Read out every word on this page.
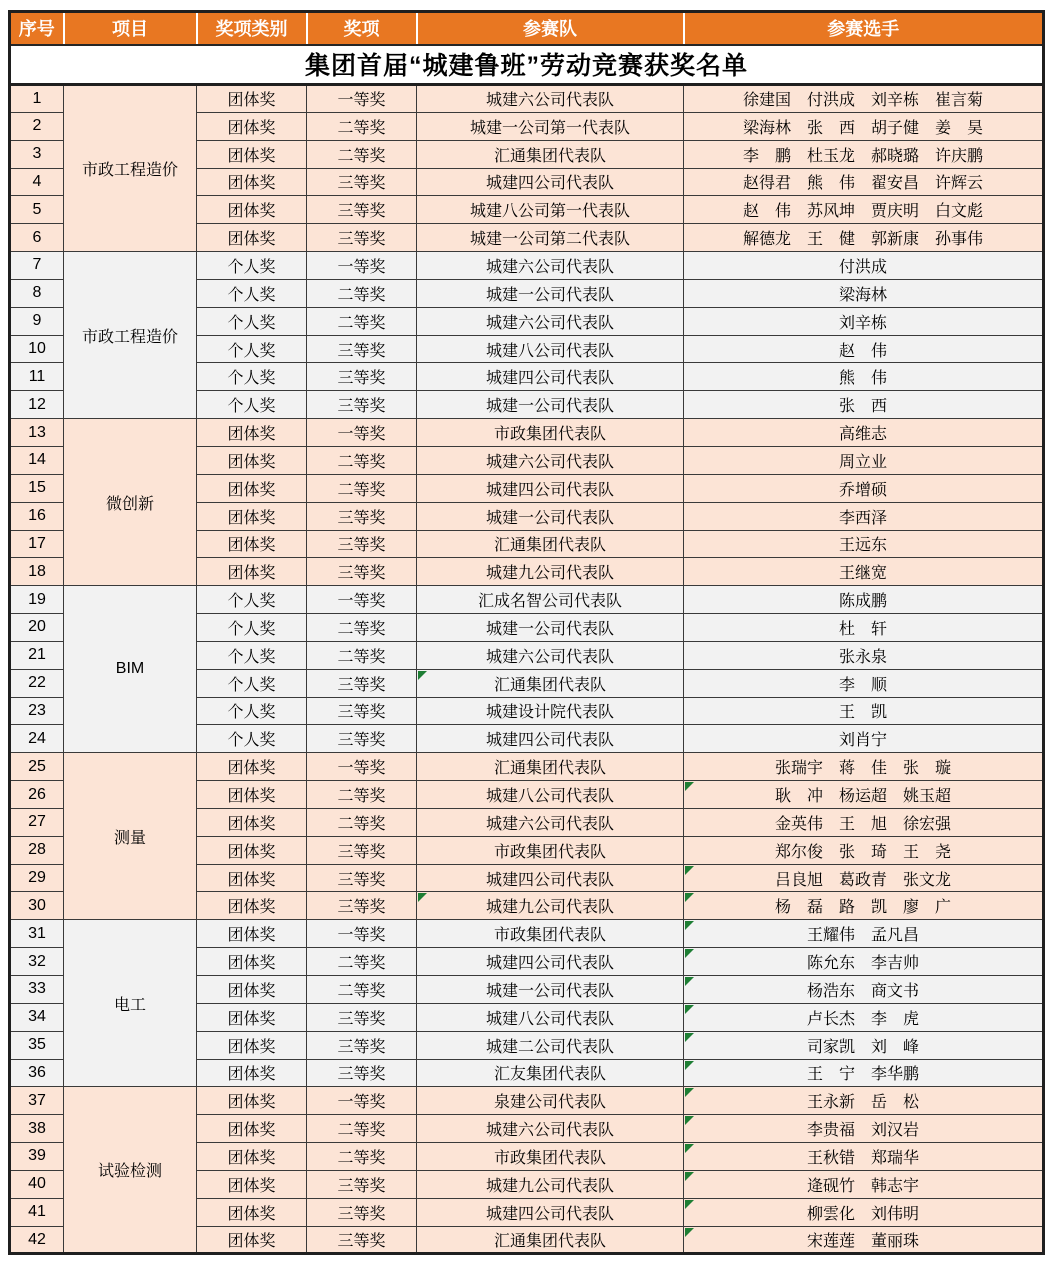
集团首届“城建鲁班”劳动竞赛获奖名单					
序号	项目	奖项类别	奖项	参赛队	参赛选手
1	市政工程造价	团体奖	一等奖	城建六公司代表队	徐建国　付洪成　刘辛栋　崔言菊
2		团体奖	二等奖	城建一公司第一代表队	梁海林　张　西　胡子健　姜　昊
3		团体奖	二等奖	汇通集团代表队	李　鹏　杜玉龙　郝晓璐　许庆鹏
4		团体奖	三等奖	城建四公司代表队	赵得君　熊　伟　翟安昌　许辉云
5		团体奖	三等奖	城建八公司第一代表队	赵　伟　苏风坤　贾庆明　白文彪
6		团体奖	三等奖	城建一公司第二代表队	解德龙　王　健　郭新康　孙事伟
7	市政工程造价	个人奖	一等奖	城建六公司代表队	付洪成
8		个人奖	二等奖	城建一公司代表队	梁海林
9		个人奖	二等奖	城建六公司代表队	刘辛栋
10		个人奖	三等奖	城建八公司代表队	赵　伟
11		个人奖	三等奖	城建四公司代表队	熊　伟
12		个人奖	三等奖	城建一公司代表队	张　西
13	微创新	团体奖	一等奖	市政集团代表队	高维志
14		团体奖	二等奖	城建六公司代表队	周立业
15		团体奖	二等奖	城建四公司代表队	乔增硕
16		团体奖	三等奖	城建一公司代表队	李西泽
17		团体奖	三等奖	汇通集团代表队	王远东
18		团体奖	三等奖	城建九公司代表队	王继宽
19	BIM	个人奖	一等奖	汇成名智公司代表队	陈成鹏
20		个人奖	二等奖	城建一公司代表队	杜　轩
21		个人奖	二等奖	城建六公司代表队	张永泉
22		个人奖	三等奖	汇通集团代表队	李　顺
23		个人奖	三等奖	城建设计院代表队	王　凯
24		个人奖	三等奖	城建四公司代表队	刘肖宁
25	测量	团体奖	一等奖	汇通集团代表队	张瑞宇　蒋　佳　张　璇
26		团体奖	二等奖	城建八公司代表队	耿　冲　杨运超　姚玉超

27		团体奖	二等奖	城建六公司代表队	金英伟　王　旭　徐宏强
28		团体奖	三等奖	市政集团代表队	郑尔俊　张　琦　王　尧
29		团体奖	三等奖	城建四公司代表队	吕良旭　葛政青　张文龙

30		团体奖	三等奖	城建九公司代表队	杨　磊　路　凯　廖　广

31	电工	团体奖	一等奖	市政集团代表队	王耀伟　孟凡昌

32		团体奖	二等奖	城建四公司代表队	陈允东　李吉帅

33		团体奖	二等奖	城建一公司代表队	杨浩东　商文书

34		团体奖	三等奖	城建八公司代表队	卢长杰　李　虎

35		团体奖	三等奖	城建二公司代表队	司家凯　刘　峰

36		团体奖	三等奖	汇友集团代表队	王　宁　李华鹏

37	试验检测	团体奖	一等奖	泉建公司代表队	王永新　岳　松

38		团体奖	二等奖	城建六公司代表队	李贵福　刘汉岩

39		团体奖	二等奖	市政集团代表队	王秋错　郑瑞华

40		团体奖	三等奖	城建九公司代表队	逄砚竹　韩志宇

41		团体奖	三等奖	城建四公司代表队	柳雲化　刘伟明

42		团体奖	三等奖	汇通集团代表队	宋莲莲　董丽珠
